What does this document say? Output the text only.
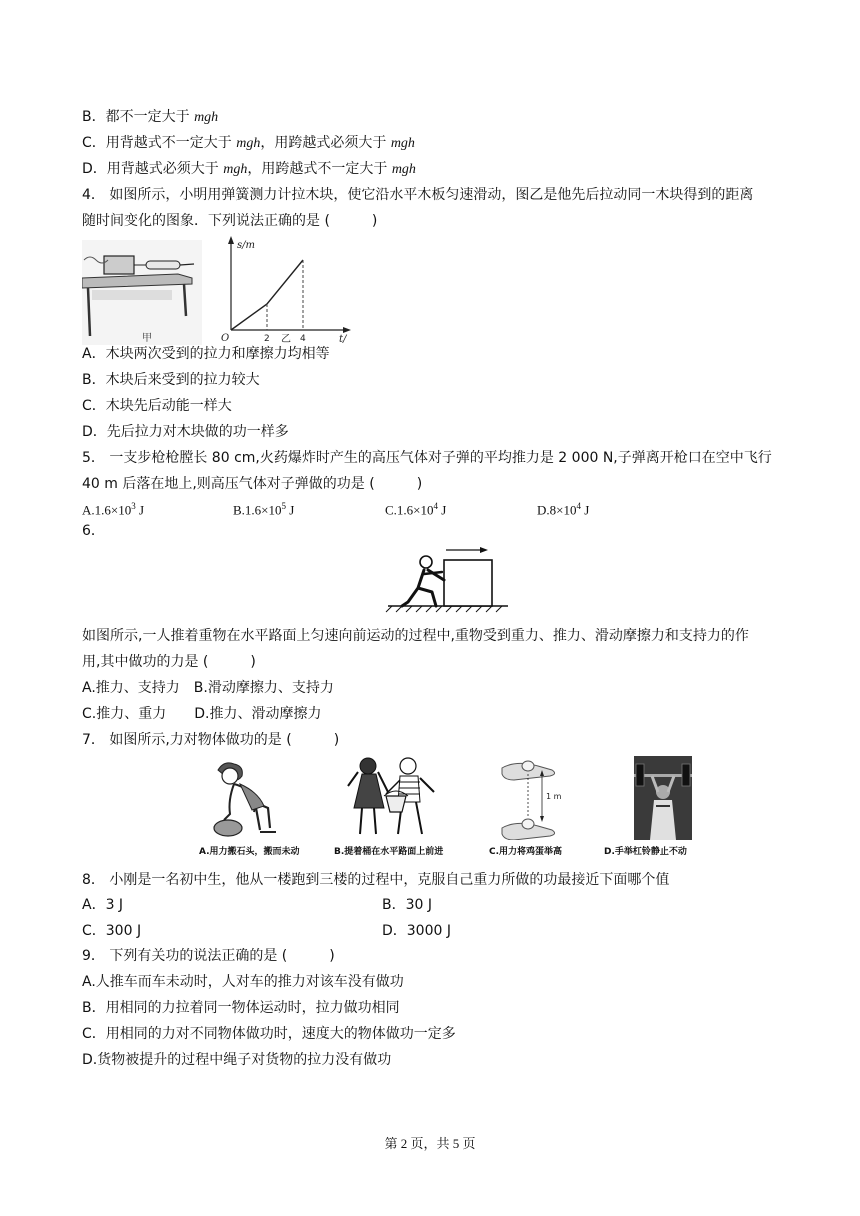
B．都不一定大于 mgh
C．用背越式不一定大于 mgh，用跨越式必须大于 mgh
D．用背越式必须大于 mgh，用跨越式不一定大于 mgh
4． 如图所示，小明用弹簧测力计拉木块，使它沿水平木板匀速滑动，图乙是他先后拉动同一木块得到的距离
随时间变化的图象．下列说法正确的是 (　　　)
甲
s/m
O	2	4
乙	t/
A．木块两次受到的拉力和摩擦力均相等
B．木块后来受到的拉力较大
C．木块先后动能一样大
D．先后拉力对木块做的功一样多
5． 一支步枪枪膛长 80 cm,火药爆炸时产生的高压气体对子弹的平均推力是 2 000 N,子弹离开枪口在空中飞行
40 m 后落在地上,则高压气体对子弹做的功是 (　　　)
$A.1.6\times 10^3$ J	$B.1.6\times 10^5$ J	$C.1.6\times 10^4$ J	$D.8\times 10^4$ J
6．
如图所示,一人推着重物在水平路面上匀速向前运动的过程中,重物受到重力、推力、滑动摩擦力和支持力的作
用,其中做功的力是 (　　　)
A.推力、支持力　B.滑动摩擦力、支持力
C.推力、重力　　D.推力、滑动摩擦力
7． 如图所示,力对物体做功的是 (　　　)
A.用力搬石头，搬而未动	B.提着桶在水平路面上前进
1 m
C.用力将鸡蛋举高	D.手举杠铃静止不动
8． 小刚是一名初中生，他从一楼跑到三楼的过程中，克服自己重力所做的功最接近下面哪个值
A．3 J	B．30 J
C．300 J	D．3000 J
9． 下列有关功的说法正确的是 (　　　)
A.人推车而车未动时，人对车的推力对该车没有做功
B．用相同的力拉着同一物体运动时，拉力做功相同
C．用相同的力对不同物体做功时，速度大的物体做功一定多
D.货物被提升的过程中绳子对货物的拉力没有做功
第 2 页，共 5 页
